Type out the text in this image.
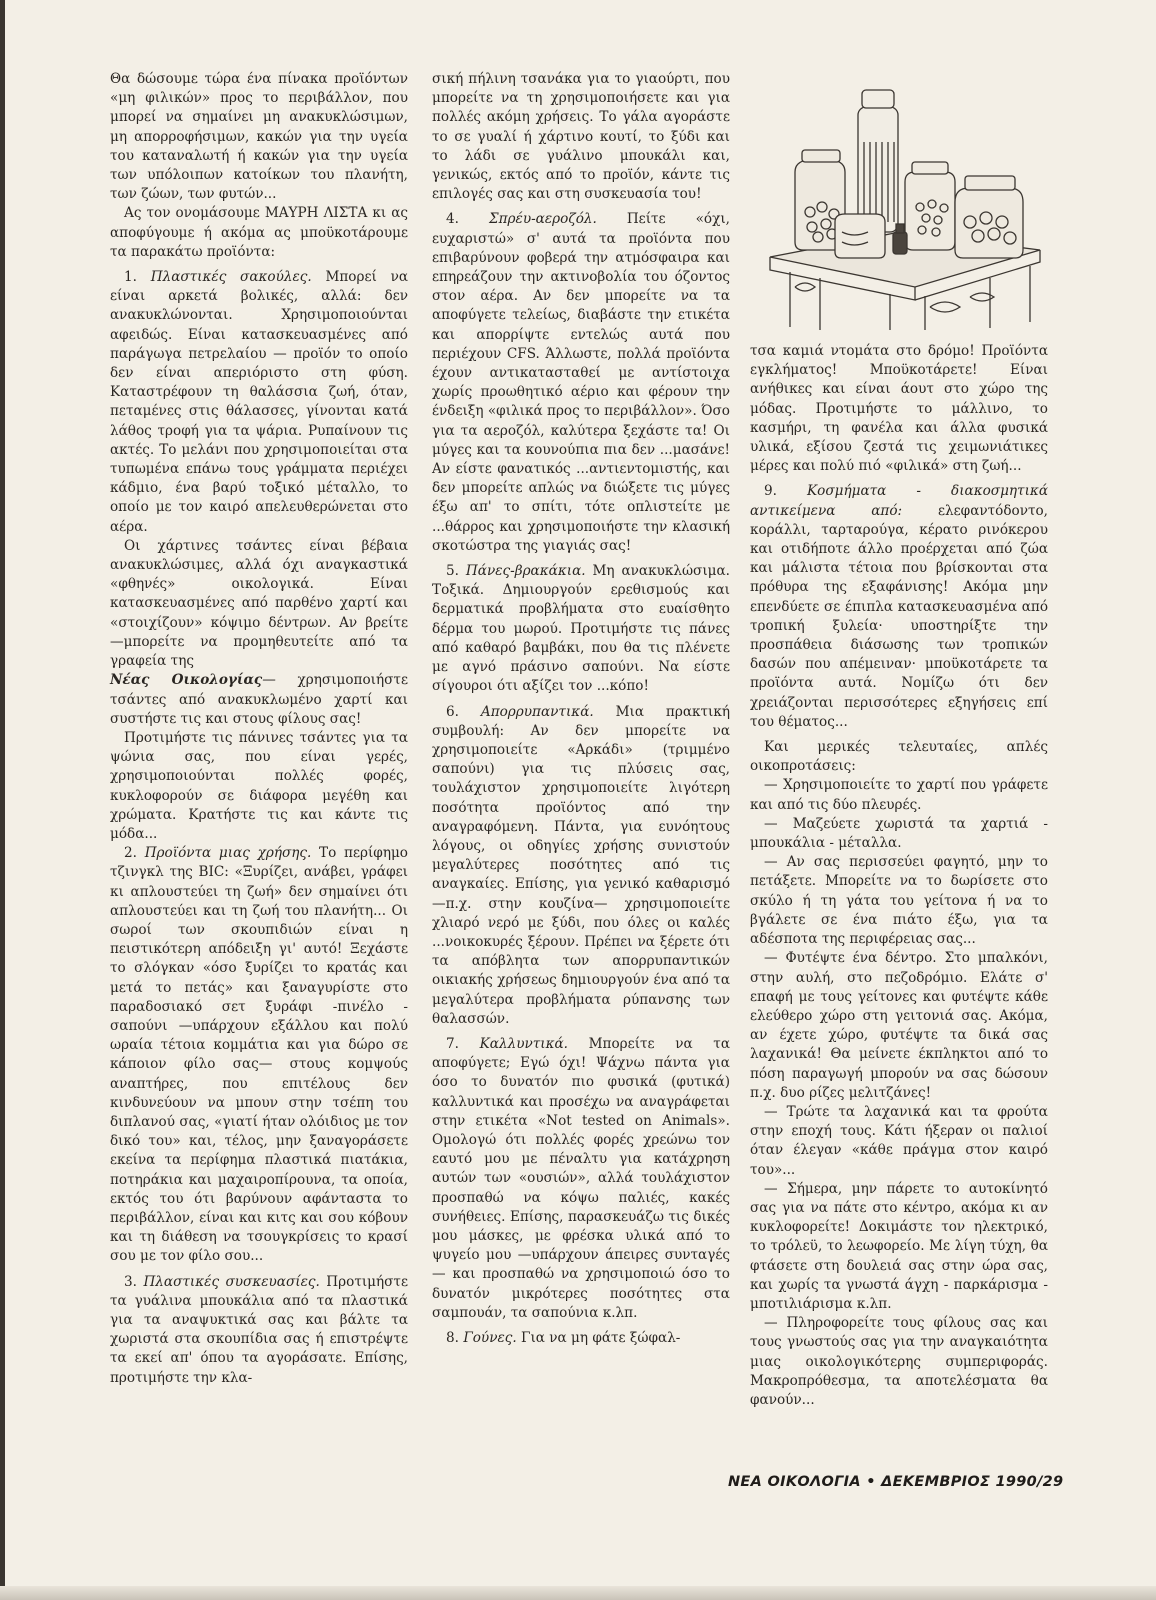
Θα δώσουμε τώρα ένα πίνακα προϊόντων «μη φιλικών» προς το περιβάλλον, που μπορεί να σημαίνει μη ανακυκλώσιμων, μη απορροφήσιμων, κακών για την υγεία του καταναλωτή ή κακών για την υγεία των υπόλοιπων κατοίκων του πλανήτη, των ζώων, των φυτών...

Ας τον ονομάσουμε ΜΑΥΡΗ ΛΙΣΤΑ κι ας αποφύγουμε ή ακόμα ας μποϋκοτάρουμε τα παρακάτω προϊόντα:

1. Πλαστικές σακούλες. Μπορεί να είναι αρκετά βολικές, αλλά: δεν ανακυκλώνονται. Χρησιμοποιούνται αφειδώς. Είναι κατασκευασμένες από παράγωγα πετρελαίου — προϊόν το οποίο δεν είναι απεριόριστο στη φύση. Καταστρέφουν τη θαλάσσια ζωή, όταν, πεταμένες στις θάλασσες, γίνονται κατά λάθος τροφή για τα ψάρια. Ρυπαίνουν τις ακτές. Το μελάνι που χρησιμοποιείται στα τυπωμένα επάνω τους γράμματα περιέχει κάδμιο, ένα βαρύ τοξικό μέταλλο, το οποίο με τον καιρό απελευθερώνεται στο αέρα.

Οι χάρτινες τσάντες είναι βέβαια ανακυκλώσιμες, αλλά όχι αναγκαστικά «φθηνές» οικολογικά. Είναι κατασκευασμένες από παρθένο χαρτί και «στοιχίζουν» κόψιμο δέντρων. Αν βρείτε —μπορείτε να προμηθευτείτε από τα γραφεία της

Νέας Οικολογίας— χρησιμοποιήστε τσάντες από ανακυκλωμένο χαρτί και συστήστε τις και στους φίλους σας!

Προτιμήστε τις πάνινες τσάντες για τα ψώνια σας, που είναι γερές, χρησιμοποιούνται πολλές φορές, κυκλοφορούν σε διάφορα μεγέθη και χρώματα. Κρατήστε τις και κάντε τις μόδα...

2. Προϊόντα μιας χρήσης. Το περίφημο τζινγκλ της BIC: «Ξυρίζει, ανάβει, γράφει κι απλουστεύει τη ζωή» δεν σημαίνει ότι απλουστεύει και τη ζωή του πλανήτη... Οι σωροί των σκουπιδιών είναι η πειστικότερη απόδειξη γι' αυτό! Ξεχάστε το σλόγκαν «όσο ξυρίζει το κρατάς και μετά το πετάς» και ξαναγυρίστε στο παραδοσιακό σετ ξυράφι -πινέλο - σαπούνι —υπάρχουν εξάλλου και πολύ ωραία τέτοια κομμάτια και για δώρο σε κάποιον φίλο σας— στους κομψούς αναπτήρες, που επιτέλους δεν κινδυνεύουν να μπουν στην τσέπη του διπλανού σας, «γιατί ήταν ολόιδιος με τον δικό του» και, τέλος, μην ξαναγοράσετε εκείνα τα περίφημα πλαστικά πιατάκια, ποτηράκια και μαχαιροπίρουνα, τα οποία, εκτός του ότι βαρύνουν αφάνταστα το περιβάλλον, είναι και κιτς και σου κόβουν και τη διάθεση να τσουγκρίσεις το κρασί σου με τον φίλο σου...

3. Πλαστικές συσκευασίες. Προτιμήστε τα γυάλινα μπουκάλια από τα πλαστικά για τα αναψυκτικά σας και βάλτε τα χωριστά στα σκουπίδια σας ή επιστρέψτε τα εκεί απ' όπου τα αγοράσατε. Επίσης, προτιμήστε την κλα-

σική πήλινη τσανάκα για το γιαούρτι, που μπορείτε να τη χρησιμοποιήσετε και για πολλές ακόμη χρήσεις. Το γάλα αγοράστε το σε γυαλί ή χάρτινο κουτί, το ξύδι και το λάδι σε γυάλινο μπουκάλι και, γενικώς, εκτός από το προϊόν, κάντε τις επιλογές σας και στη συσκευασία του!

4. Σπρέυ-αεροζόλ. Πείτε «όχι, ευχαριστώ» σ' αυτά τα προϊόντα που επιβαρύνουν φοβερά την ατμόσφαιρα και επηρεάζουν την ακτινοβολία του όζοντος στον αέρα. Αν δεν μπορείτε να τα αποφύγετε τελείως, διαβάστε την ετικέτα και απορρίψτε εντελώς αυτά που περιέχουν CFS. Άλλωστε, πολλά προϊόντα έχουν αντικατασταθεί με αντίστοιχα χωρίς προωθητικό αέριο και φέρουν την ένδειξη «φιλικά προς το περιβάλλον». Όσο για τα αεροζόλ, καλύτερα ξεχάστε τα! Οι μύγες και τα κουνούπια πια δεν ...μασάνε! Αν είστε φανατικός ...αντιεντομιστής, και δεν μπορείτε απλώς να διώξετε τις μύγες έξω απ' το σπίτι, τότε οπλιστείτε με ...θάρρος και χρησιμοποιήστε την κλασική σκοτώστρα της γιαγιάς σας!

5. Πάνες-βρακάκια. Μη ανακυκλώσιμα. Τοξικά. Δημιουργούν ερεθισμούς και δερματικά προβλήματα στο ευαίσθητο δέρμα του μωρού. Προτιμήστε τις πάνες από καθαρό βαμβάκι, που θα τις πλένετε με αγνό πράσινο σαπούνι. Να είστε σίγουροι ότι αξίζει τον ...κόπο!

6. Απορρυπαντικά. Μια πρακτική συμβουλή: Αν δεν μπορείτε να χρησιμοποιείτε «Αρκάδι» (τριμμένο σαπούνι) για τις πλύσεις σας, τουλάχιστον χρησιμοποιείτε λιγότερη ποσότητα προϊόντος από την αναγραφόμενη. Πάντα, για ευνόητους λόγους, οι οδηγίες χρήσης συνιστούν μεγαλύτερες ποσότητες από τις αναγκαίες. Επίσης, για γενικό καθαρισμό —π.χ. στην κουζίνα— χρησιμοποιείτε χλιαρό νερό με ξύδι, που όλες οι καλές ...νοικοκυρές ξέρουν. Πρέπει να ξέρετε ότι τα απόβλητα των απορρυπαντικών οικιακής χρήσεως δημιουργούν ένα από τα μεγαλύτερα προβλήματα ρύπανσης των θαλασσών.

7. Καλλυντικά. Μπορείτε να τα αποφύγετε; Εγώ όχι! Ψάχνω πάντα για όσο το δυνατόν πιο φυσικά (φυτικά) καλλυντικά και προσέχω να αναγράφεται στην ετικέτα «Not tested on Animals». Ομολογώ ότι πολλές φορές χρεώνω τον εαυτό μου με πέναλτυ για κατάχρηση αυτών των «ουσιών», αλλά τουλάχιστον προσπαθώ να κόψω παλιές, κακές συνήθειες. Επίσης, παρασκευάζω τις δικές μου μάσκες, με φρέσκα υλικά από το ψυγείο μου —υπάρχουν άπειρες συνταγές— και προσπαθώ να χρησιμοποιώ όσο το δυνατόν μικρότερες ποσότητες στα σαμπουάν, τα σαπούνια κ.λπ.

8. Γούνες. Για να μη φάτε ξώφαλ-

τσα καμιά ντομάτα στο δρόμο! Προϊόντα εγκλήματος! Μποϋκοτάρετε! Είναι ανήθικες και είναι άουτ στο χώρο της μόδας. Προτιμήστε το μάλλινο, το κασμήρι, τη φανέλα και άλλα φυσικά υλικά, εξίσου ζεστά τις χειμωνιάτικες μέρες και πολύ πιό «φιλικά» στη ζωή...

9. Κοσμήματα - διακοσμητικά αντικείμενα από:	ελεφαντόδοντο, κοράλλι, ταρταρούγα, κέρατο ρινόκερου και οτιδήποτε άλλο προέρχεται από ζώα και μάλιστα τέτοια που βρίσκονται στα πρόθυρα της εξαφάνισης! Ακόμα μην επενδύετε σε έπιπλα κατασκευασμένα από τροπική ξυλεία· υποστηρίξτε την προσπάθεια διάσωσης των τροπικών δασών που απέμειναν· μποϋκοτάρετε τα προϊόντα αυτά. Νομίζω ότι δεν χρειάζονται περισσότερες εξηγήσεις επί του θέματος...

Και μερικές τελευταίες, απλές οικοπροτάσεις:

— Χρησιμοποιείτε το χαρτί που γράφετε και από τις δύο πλευρές.

— Μαζεύετε χωριστά τα χαρτιά - μπουκάλια - μέταλλα.

— Αν σας περισσεύει φαγητό, μην το πετάξετε. Μπορείτε να το δωρίσετε στο σκύλο ή τη γάτα του γείτονα ή να το βγάλετε σε ένα πιάτο έξω, για τα αδέσποτα της περιφέρειας σας...

— Φυτέψτε ένα δέντρο. Στο μπαλκόνι, στην αυλή, στο πεζοδρόμιο. Ελάτε σ' επαφή με τους γείτονες και φυτέψτε κάθε ελεύθερο χώρο στη γειτονιά σας. Ακόμα, αν έχετε χώρο, φυτέψτε τα δικά σας λαχανικά! Θα μείνετε έκπληκτοι από το πόση παραγωγή μπορούν να σας δώσουν π.χ. δυο ρίζες μελιτζάνες!

— Τρώτε τα λαχανικά και τα φρούτα στην εποχή τους. Κάτι ήξεραν οι παλιοί όταν έλεγαν «κάθε πράγμα στον καιρό του»...

— Σήμερα, μην πάρετε το αυτοκίνητό σας για να πάτε στο κέντρο, ακόμα κι αν κυκλοφορείτε! Δοκιμάστε τον ηλεκτρικό, το τρόλεϋ, το λεωφορείο. Με λίγη τύχη, θα φτάσετε στη δουλειά σας στην ώρα σας, και χωρίς τα γνωστά άγχη - παρκάρισμα - μποτιλιάρισμα κ.λπ.

— Πληροφορείτε τους φίλους σας και τους γνωστούς σας για την αναγκαιότητα μιας οικολογικότερης συμπεριφοράς. Μακροπρόθεσμα, τα αποτελέσματα θα φανούν...

ΝΕΑ ΟΙΚΟΛΟΓΙΑ • ΔΕΚΕΜΒΡΙΟΣ 1990/29
